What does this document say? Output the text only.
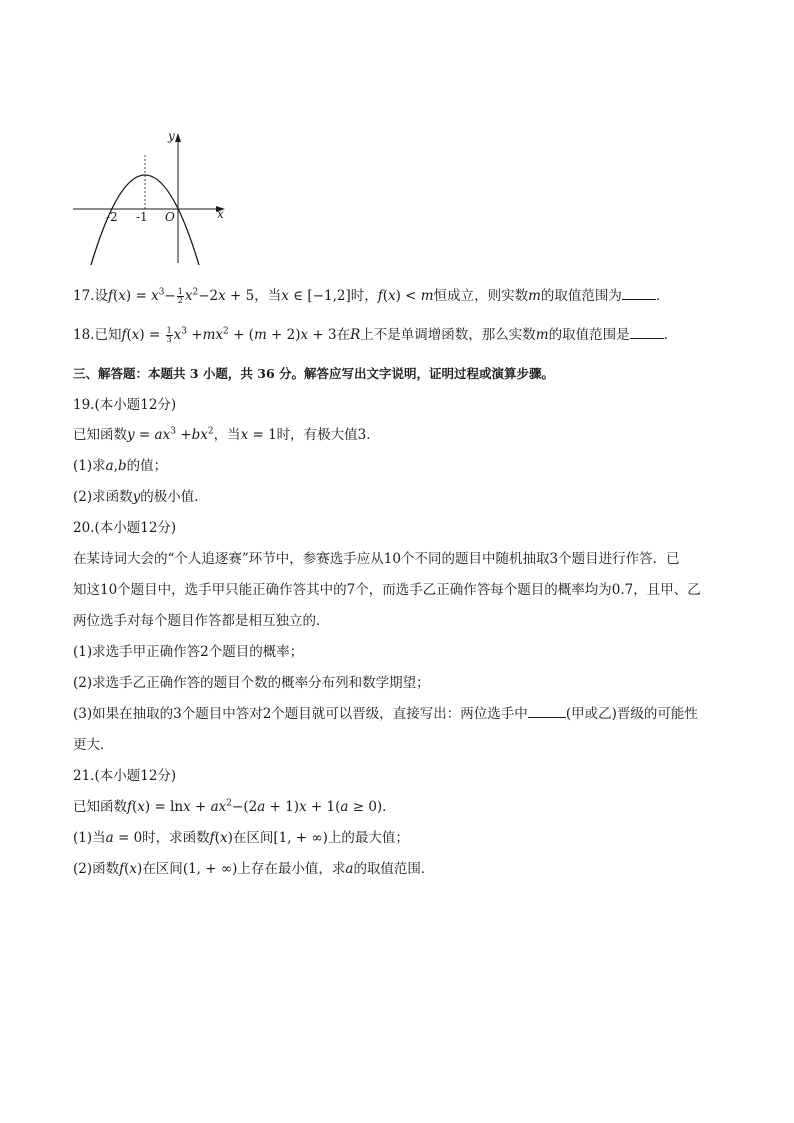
y
x
O
-2 -1
17.设$f(x) = x^3- \frac{1}{2} x^2-2x + 5$，当x ∈ [−1,2]时，f(x) < m恒成立，则实数m的取值范围为	．
18.已知$f(x) = \frac{1}{3} x^3 +mx^2 + (m + 2)x + 3$在R上不是单调增函数，那么实数m的取值范围是	．
三、解答题：本题共 3 小题，共 36 分。解答应写出文字说明，证明过程或演算步骤。
19.(本小题12分)
已知函数$y = ax^3 +bx^2$，当x = 1时，有极大值3．
(1)求a,b的值；
(2)求函数y的极小值．
20.(本小题12分)
在某诗词大会的“个人追逐赛”环节中，参赛选手应从10个不同的题目中随机抽取3个题目进行作答．已
知这10个题目中，选手甲只能正确作答其中的7个，而选手乙正确作答每个题目的概率均为0.7，且甲、乙
两位选手对每个题目作答都是相互独立的．
(1)求选手甲正确作答2个题目的概率；
(2)求选手乙正确作答的题目个数的概率分布列和数学期望；
(3)如果在抽取的3个题目中答对2个题目就可以晋级，直接写出：两位选手中	(甲或乙)晋级的可能性
更大．
21.(本小题12分)
已知函数$f(x) = \ln x + ax^2-(2a + 1)x + 1(a \ge 0)$．
(1)当a = 0时，求函数f(x)在区间[1, + ∞)上的最大值；
(2)函数f(x)在区间(1, + ∞)上存在最小值，求a的取值范围．
